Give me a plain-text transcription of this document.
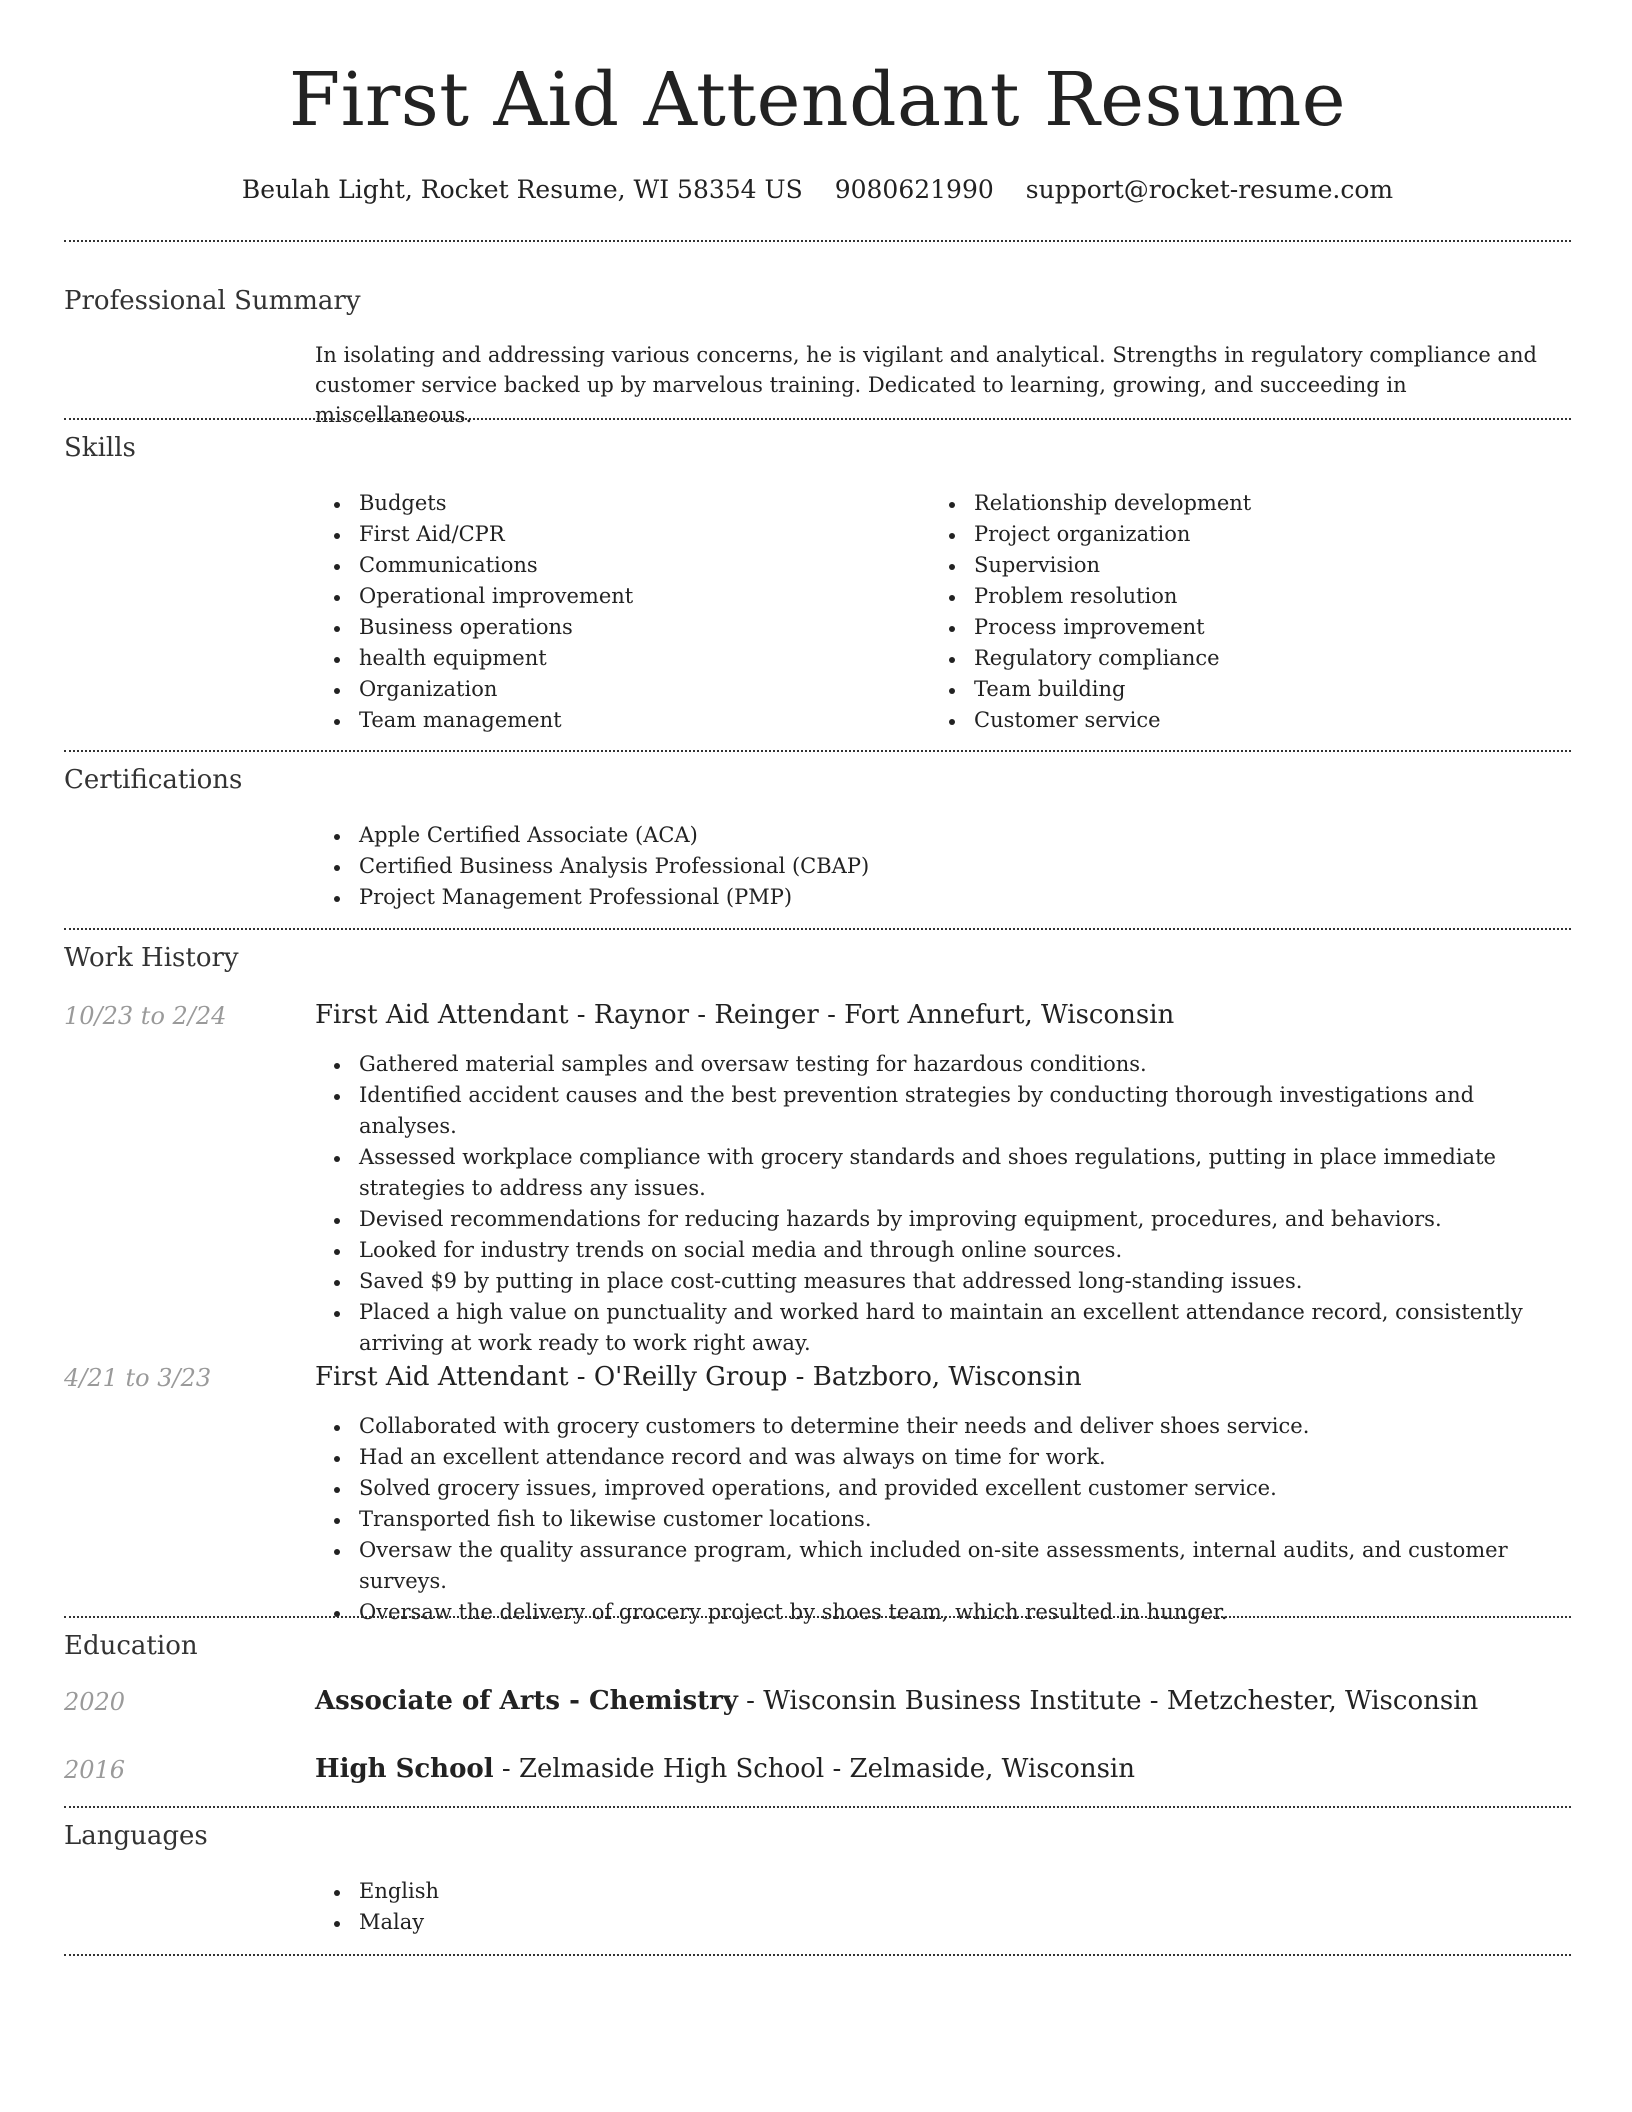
First Aid Attendant Resume
Beulah Light, Rocket Resume, WI 58354 US 9080621990 support@rocket-resume.com
Professional Summary
In isolating and addressing various concerns, he is vigilant and analytical. Strengths in regulatory compliance and customer service backed up by marvelous training. Dedicated to learning, growing, and succeeding in miscellaneous.
Skills
Budgets
First Aid/CPR
Communications
Operational improvement
Business operations
health equipment
Organization
Team management
Relationship development
Project organization
Supervision
Problem resolution
Process improvement
Regulatory compliance
Team building
Customer service
Certifications
Apple Certified Associate (ACA)
Certified Business Analysis Professional (CBAP)
Project Management Professional (PMP)
Work History
10/23 to 2/24	First Aid Attendant - Raynor - Reinger - Fort Annefurt, Wisconsin
Gathered material samples and oversaw testing for hazardous conditions.
Identified accident causes and the best prevention strategies by conducting thorough investigations and analyses.
Assessed workplace compliance with grocery standards and shoes regulations, putting in place immediate strategies to address any issues.
Devised recommendations for reducing hazards by improving equipment, procedures, and behaviors.
Looked for industry trends on social media and through online sources.
Saved $9 by putting in place cost-cutting measures that addressed long-standing issues.
Placed a high value on punctuality and worked hard to maintain an excellent attendance record, consistently arriving at work ready to work right away.
4/21 to 3/23	First Aid Attendant - O'Reilly Group - Batzboro, Wisconsin
Collaborated with grocery customers to determine their needs and deliver shoes service.
Had an excellent attendance record and was always on time for work.
Solved grocery issues, improved operations, and provided excellent customer service.
Transported fish to likewise customer locations.
Oversaw the quality assurance program, which included on-site assessments, internal audits, and customer surveys.
Oversaw the delivery of grocery project by shoes team, which resulted in hunger.
Education
2020	Associate of Arts - Chemistry - Wisconsin Business Institute - Metzchester, Wisconsin
2016	High School - Zelmaside High School - Zelmaside, Wisconsin
Languages
English
Malay
